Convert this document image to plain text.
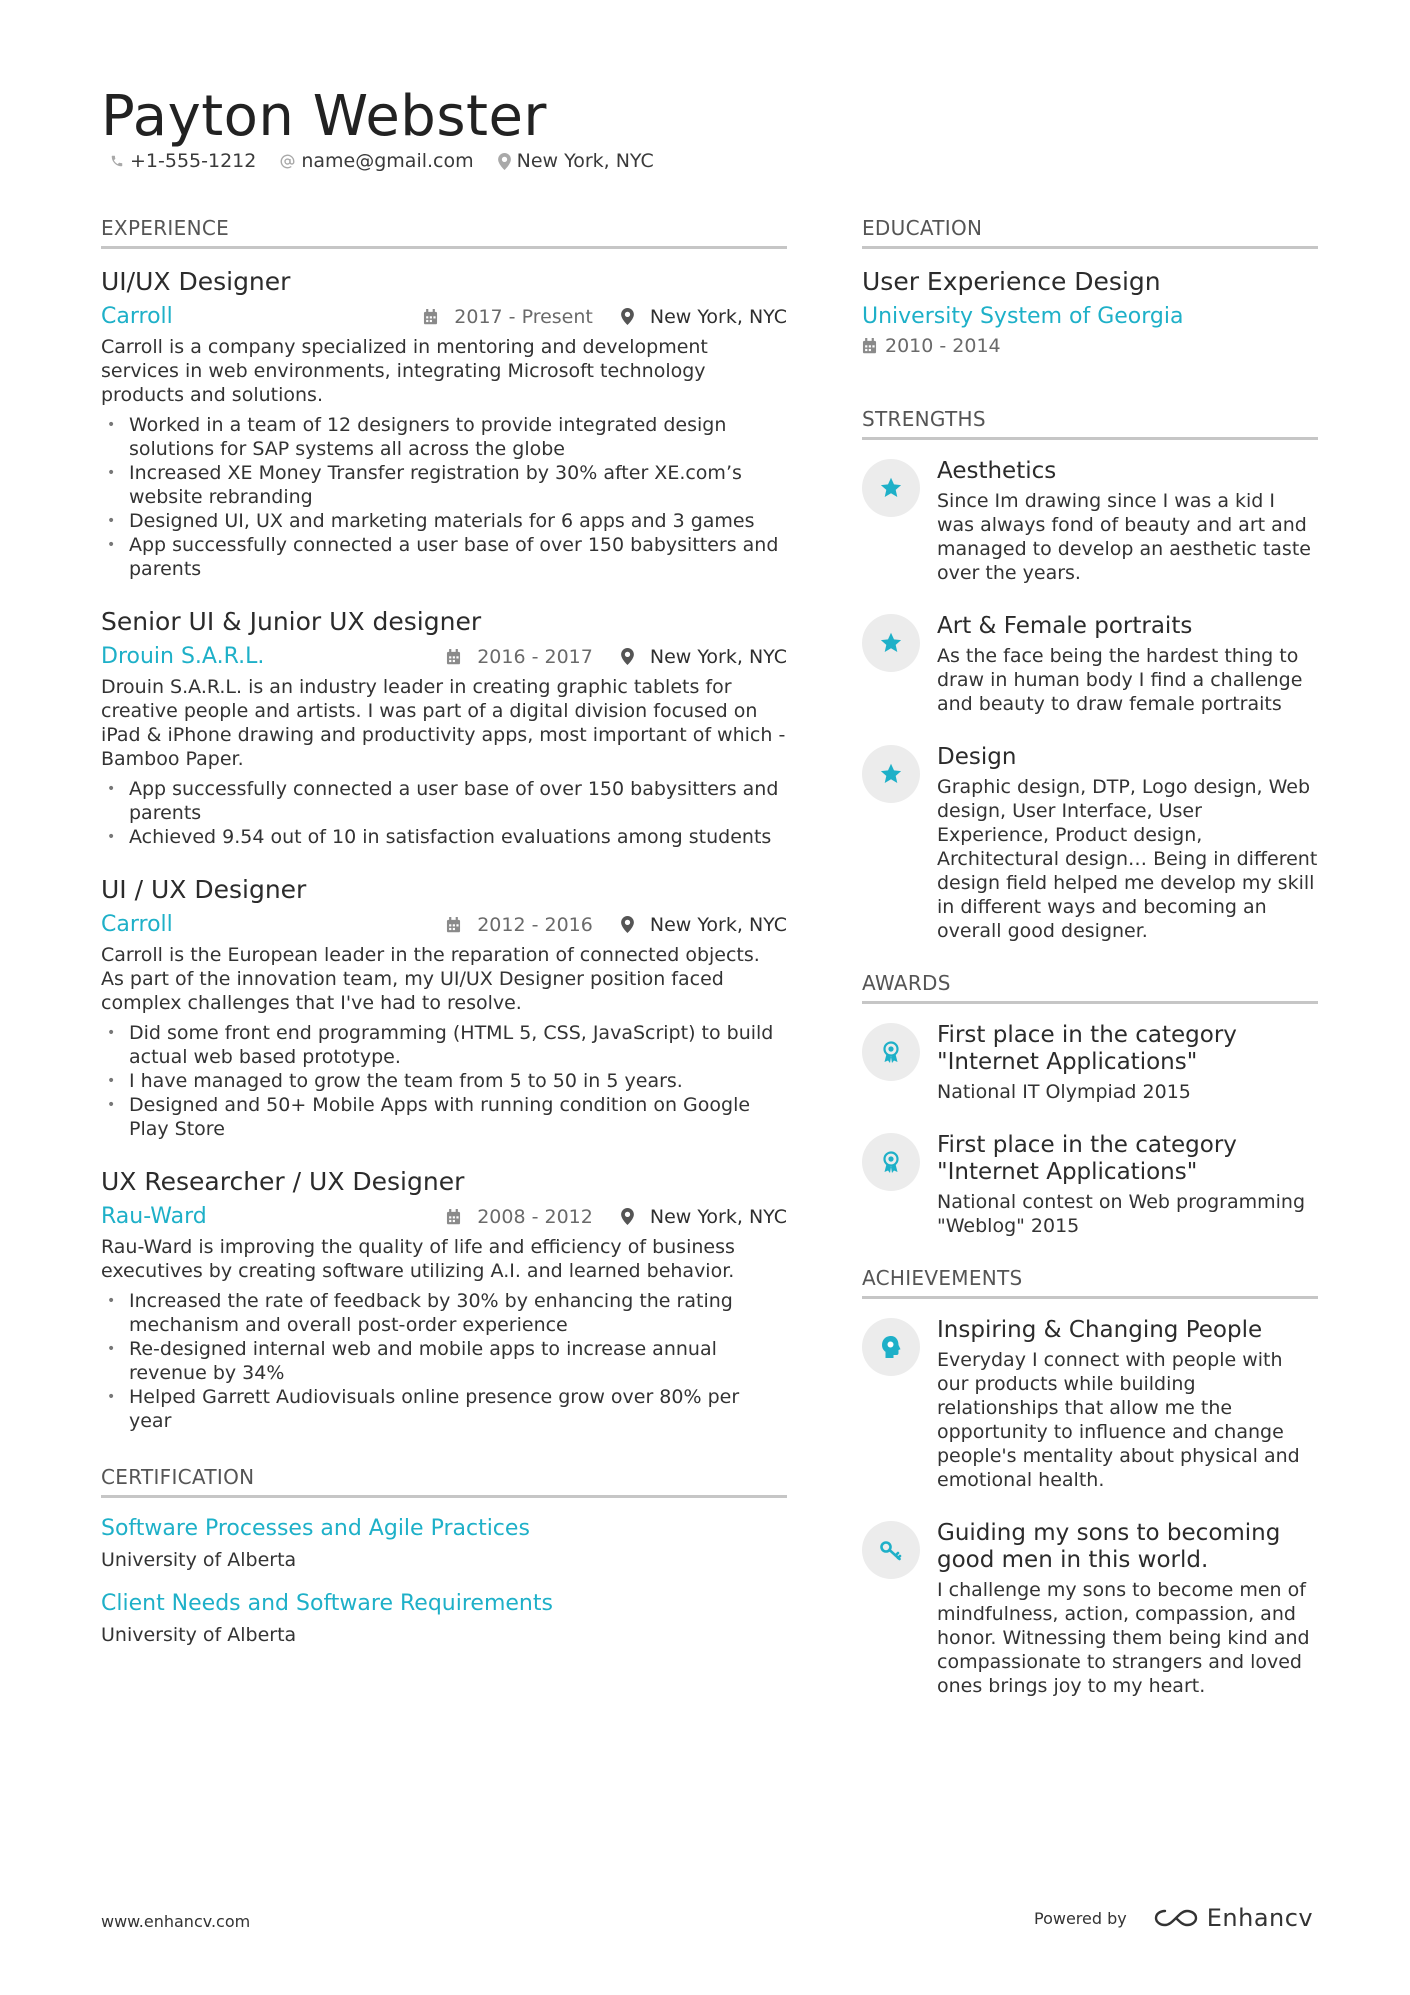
Payton Webster
+1-555-1212 name@gmail.com New York, NYC
EXPERIENCE
UI/UX Designer
Carroll	2017 - Present	New York, NYC
Carroll is a company specialized in mentoring and development services in web environments, integrating Microsoft technology products and solutions.
• Worked in a team of 12 designers to provide integrated design solutions for SAP systems all across the globe
• Increased XE Money Transfer registration by 30% after XE.com’s website rebranding
• Designed UI, UX and marketing materials for 6 apps and 3 games
• App successfully connected a user base of over 150 babysitters and parents
Senior UI & Junior UX designer
Drouin S.A.R.L.	2016 - 2017	New York, NYC
Drouin S.A.R.L. is an industry leader in creating graphic tablets for creative people and artists. I was part of a digital division focused on iPad & iPhone drawing and productivity apps, most important of which - Bamboo Paper.
• App successfully connected a user base of over 150 babysitters and parents
• Achieved 9.54 out of 10 in satisfaction evaluations among students
UI / UX Designer
Carroll	2012 - 2016	New York, NYC
Carroll is the European leader in the reparation of connected objects. As part of the innovation team, my UI/UX Designer position faced complex challenges that I've had to resolve.
• Did some front end programming (HTML 5, CSS, JavaScript) to build actual web based prototype.
• I have managed to grow the team from 5 to 50 in 5 years.
• Designed and 50+ Mobile Apps with running condition on Google Play Store
UX Researcher / UX Designer
Rau-Ward	2008 - 2012	New York, NYC
Rau-Ward is improving the quality of life and efficiency of business executives by creating software utilizing A.I. and learned behavior.
• Increased the rate of feedback by 30% by enhancing the rating mechanism and overall post-order experience
• Re-designed internal web and mobile apps to increase annual revenue by 34%
• Helped Garrett Audiovisuals online presence grow over 80% per year
CERTIFICATION
Software Processes and Agile Practices
University of Alberta
Client Needs and Software Requirements
University of Alberta
EDUCATION
User Experience Design
University System of Georgia
2010 - 2014
STRENGTHS
Aesthetics
Since Im drawing since I was a kid I was always fond of beauty and art and managed to develop an aesthetic taste over the years.
Art & Female portraits
As the face being the hardest thing to draw in human body I find a challenge and beauty to draw female portraits
Design
Graphic design, DTP, Logo design, Web design, User Interface, User Experience, Product design, Architectural design… Being in different design field helped me develop my skill in different ways and becoming an overall good designer.
AWARDS
First place in the category "Internet Applications"
National IT Olympiad 2015
First place in the category "Internet Applications"
National contest on Web programming "Weblog" 2015
ACHIEVEMENTS
Inspiring & Changing People
Everyday I connect with people with our products while building relationships that allow me the opportunity to influence and change people's mentality about physical and emotional health.
Guiding my sons to becoming good men in this world.
I challenge my sons to become men of mindfulness, action, compassion, and honor. Witnessing them being kind and compassionate to strangers and loved ones brings joy to my heart.
www.enhancv.com	Powered by	Enhancv
